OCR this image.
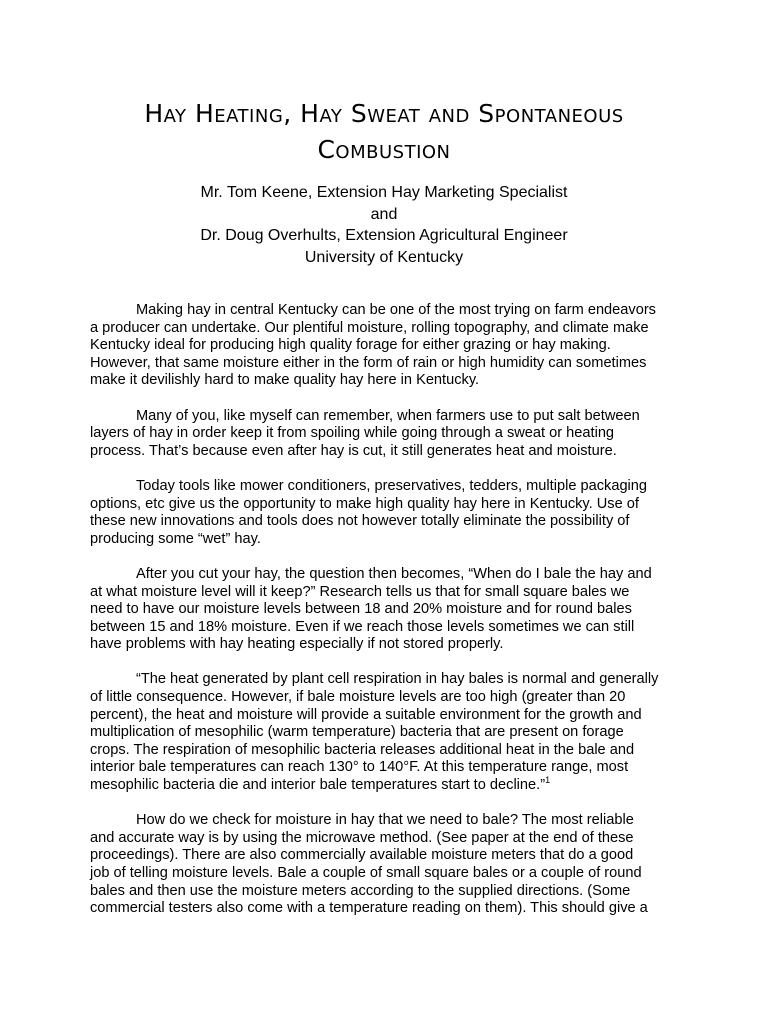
Hay Heating, Hay Sweat and Spontaneous
Combustion
Mr. Tom Keene, Extension Hay Marketing Specialist
and
Dr. Doug Overhults, Extension Agricultural Engineer
University of Kentucky
Making hay in central Kentucky can be one of the most trying on farm endeavors
a producer can undertake. Our plentiful moisture, rolling topography, and climate make
Kentucky ideal for producing high quality forage for either grazing or hay making.
However, that same moisture either in the form of rain or high humidity can sometimes
make it devilishly hard to make quality hay here in Kentucky.
Many of you, like myself can remember, when farmers use to put salt between
layers of hay in order keep it from spoiling while going through a sweat or heating
process. That’s because even after hay is cut, it still generates heat and moisture.
Today tools like mower conditioners, preservatives, tedders, multiple packaging
options, etc give us the opportunity to make high quality hay here in Kentucky. Use of
these new innovations and tools does not however totally eliminate the possibility of
producing some “wet” hay.
After you cut your hay, the question then becomes, “When do I bale the hay and
at what moisture level will it keep?” Research tells us that for small square bales we
need to have our moisture levels between 18 and 20% moisture and for round bales
between 15 and 18% moisture. Even if we reach those levels sometimes we can still
have problems with hay heating especially if not stored properly.
“The heat generated by plant cell respiration in hay bales is normal and generally
of little consequence. However, if bale moisture levels are too high (greater than 20
percent), the heat and moisture will provide a suitable environment for the growth and
multiplication of mesophilic (warm temperature) bacteria that are present on forage
crops. The respiration of mesophilic bacteria releases additional heat in the bale and
interior bale temperatures can reach 130° to 140°F. At this temperature range, most
mesophilic bacteria die and interior bale temperatures start to decline.”$^1$
How do we check for moisture in hay that we need to bale? The most reliable
and accurate way is by using the microwave method. (See paper at the end of these
proceedings). There are also commercially available moisture meters that do a good
job of telling moisture levels. Bale a couple of small square bales or a couple of round
bales and then use the moisture meters according to the supplied directions. (Some
commercial testers also come with a temperature reading on them). This should give a
